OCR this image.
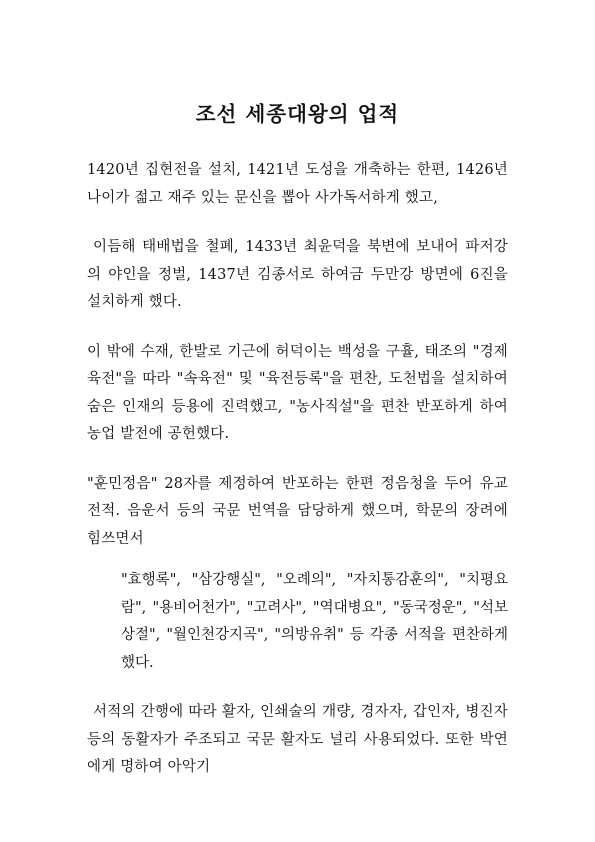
조선 세종대왕의 업적

1420년 집현전을 설치, 1421년 도성을 개축하는 한편, 1426년 나이가 젊고 재주 있는 문신을 뽑아 사가독서하게 했고,

이듬해 태배법을 철폐, 1433년 최윤덕을 북변에 보내어 파저강의 야인을 정벌, 1437년 김종서로 하여금 두만강 방면에 6진을 설치하게 했다.

이 밖에 수재, 한발로 기근에 허덕이는 백성을 구휼, 태조의 "경제육전"을 따라 "속육전" 및 "육전등록"을 편찬, 도천법을 설치하여 숨은 인재의 등용에 진력했고, "농사직설"을 편찬 반포하게 하여 농업 발전에 공헌했다.

"훈민정음" 28자를 제정하여 반포하는 한편 정음청을 두어 유교 전적. 음운서 등의 국문 번역을 담당하게 했으며, 학문의 장려에 힘쓰면서

"효행록", "삼강행실", "오례의", "자치통감훈의", "치평요람", "용비어천가", "고려사", "역대병요", "동국정운", "석보상절", "월인천강지곡", "의방유취" 등 각종 서적을 편찬하게 했다.

서적의 간행에 따라 활자, 인쇄술의 개량, 경자자, 갑인자, 병진자 등의 동활자가 주조되고 국문 활자도 널리 사용되었다. 또한 박연에게 명하여 아악기
